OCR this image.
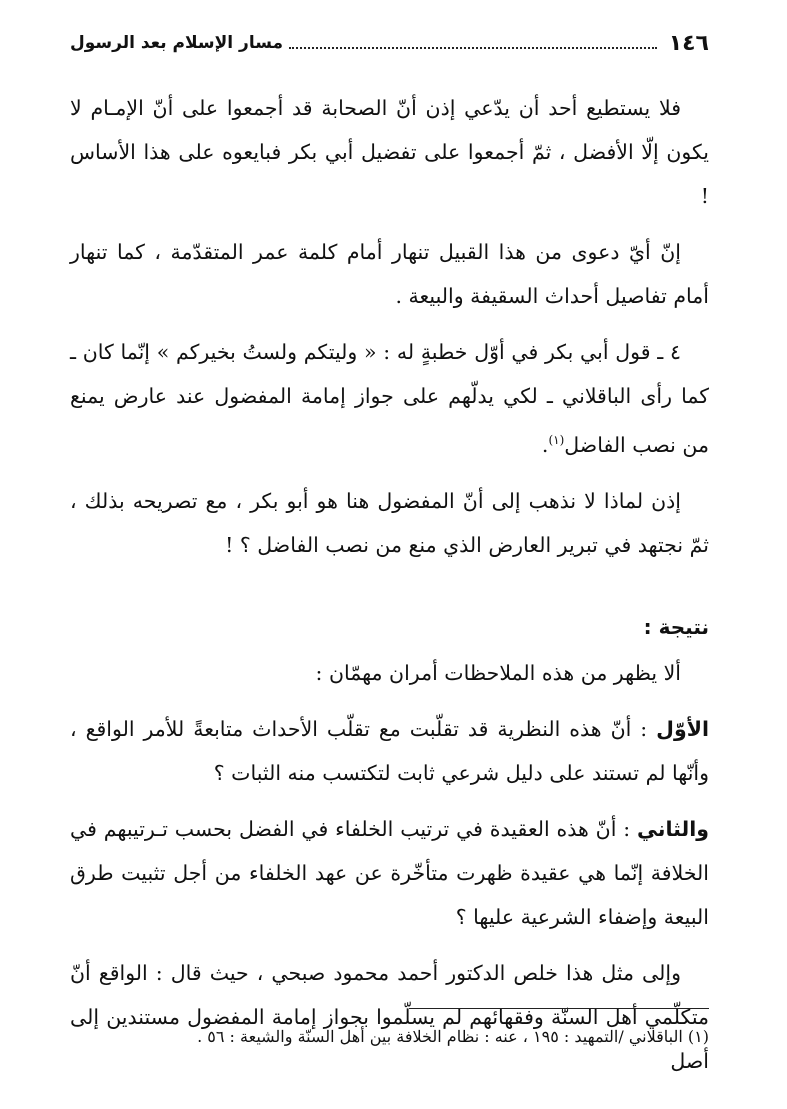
١٤٦
مسار الإسلام بعد الرسول

فلا يستطيع أحد أن يدّعي إذن أنّ الصحابة قد أجمعوا على أنّ الإمـام لا يكون إلّا الأفضل ، ثمّ أجمعوا على تفضيل أبي بكر فبايعوه على هذا الأساس !

إنّ أيّ دعوى من هذا القبيل تنهار أمام كلمة عمر المتقدّمة ، كما تنهار أمام تفاصيل أحداث السقيفة والبيعة .

٤ ـ قول أبي بكر في أوّل خطبةٍ له : « وليتكم ولستُ بخيركم » إنّما كان ـ كما رأى الباقلاني ـ لكي يدلّهم على جواز إمامة المفضول عند عارض يمنع من نصب الفاضل$^{(١)}$.

إذن لماذا لا نذهب إلى أنّ المفضول هنا هو أبو بكر ، مع تصريحه بذلك ، ثمّ نجتهد في تبرير العارض الذي منع من نصب الفاضل ؟ !

نتيجة :

ألا يظهر من هذه الملاحظات أمران مهمّان :

الأوّل : أنّ هذه النظرية قد تقلّبت مع تقلّب الأحداث متابعةً للأمر الواقع ، وأنّها لم تستند على دليل شرعي ثابت لتكتسب منه الثبات ؟

والثاني : أنّ هذه العقيدة في ترتيب الخلفاء في الفضل بحسب تـرتيبهم في الخلافة إنّما هي عقيدة ظهرت متأخّرة عن عهد الخلفاء من أجل تثبيت طرق البيعة وإضفاء الشرعية عليها ؟

وإلى مثل هذا خلص الدكتور أحمد محمود صبحي ، حيث قال : الواقع أنّ متكلّمي أهل السنّة وفقهائهم لم يسلّموا بجواز إمامة المفضول مستندين إلى أصل

(١) الباقلاني /التمهيد : ١٩٥ ، عنه : نظام الخلافة بين أهل السنّة والشيعة : ٥٦ .
